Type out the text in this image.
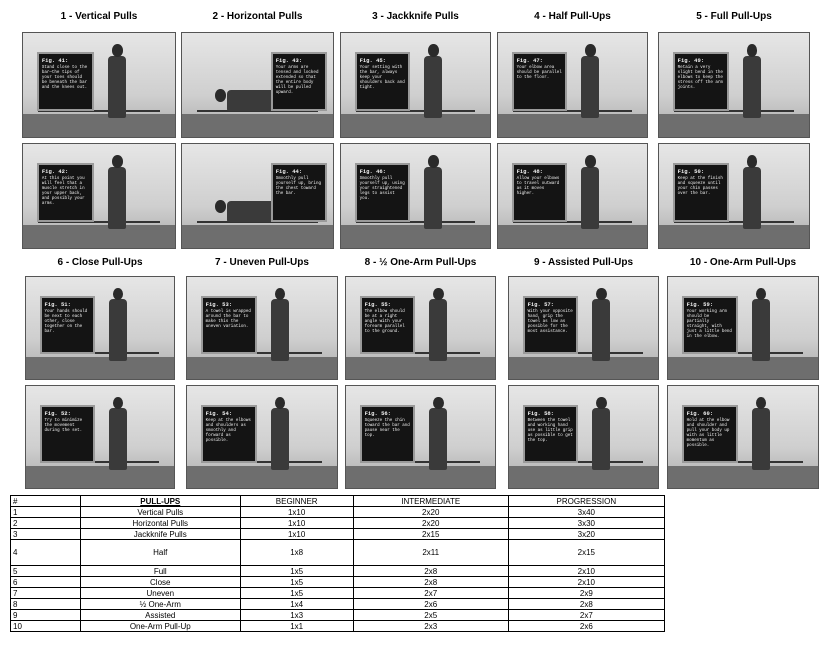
1 - Vertical Pulls
Fig. 41:
Stand close to the bar—the tips of your toes should be beneath the bar and the knees out.
Fig. 42:
At this point you will feel that a muscle stretch in your upper back, and possibly your arms.
2 - Horizontal Pulls
Fig. 43:
Your arms are tensed and locked extended so that the entire body will be pulled upward.
Fig. 44:
Smoothly pull yourself up, bring the chest toward the bar.
3 - Jackknife Pulls
Fig. 45:
Your setting with the bar, always keep your shoulders back and tight.
Fig. 46:
Smoothly pull yourself up, using your straightened legs to assist you.
4 - Half Pull-Ups
Fig. 47:
Your elbow area should be parallel to the floor.
Fig. 48:
Allow your elbows to travel outward as it moves higher.
5 - Full Pull-Ups
Fig. 49:
Retain a very slight bend in the elbows to keep the stress off the arm joints.
Fig. 50:
Keep at the finish and squeeze until your chin passes over the bar.
6 - Close Pull-Ups
Fig. 51:
Your hands should be next to each other, close together on the bar.
Fig. 52:
Try to minimize the movement during the set.
7 - Uneven Pull-Ups
Fig. 53:
A towel is wrapped around the bar to make this the uneven variation.
Fig. 54:
Keep at the elbows and shoulders as smoothly and forward as possible.
8 - ½ One-Arm Pull-Ups
Fig. 55:
The elbow should be at a right angle with your forearm parallel to the ground.
Fig. 56:
Squeeze the chin toward the bar and pause near the top.
9 - Assisted Pull-Ups
Fig. 57:
With your opposite hand, grip the towel as low as possible for the most assistance.
Fig. 58:
Between the towel and working hand use as little grip as possible to get the top.
10 - One-Arm Pull-Ups
Fig. 59:
Your working arm should be partially straight, with just a little bend in the elbow.
Fig. 60:
Hold at the elbow and shoulder and pull your body up with as little momentum as possible.
#	PULL-UPS	BEGINNER	INTERMEDIATE	PROGRESSION
1	Vertical Pulls	1x10	2x20	3x40
2	Horizontal Pulls	1x10	2x20	3x30
3	Jackknife Pulls	1x10	2x15	3x20
4	Half	1x8	2x11	2x15
5	Full	1x5	2x8	2x10
6	Close	1x5	2x8	2x10
7	Uneven	1x5	2x7	2x9
8	½ One-Arm	1x4	2x6	2x8
9	Assisted	1x3	2x5	2x7
10	One-Arm Pull-Up	1x1	2x3	2x6
